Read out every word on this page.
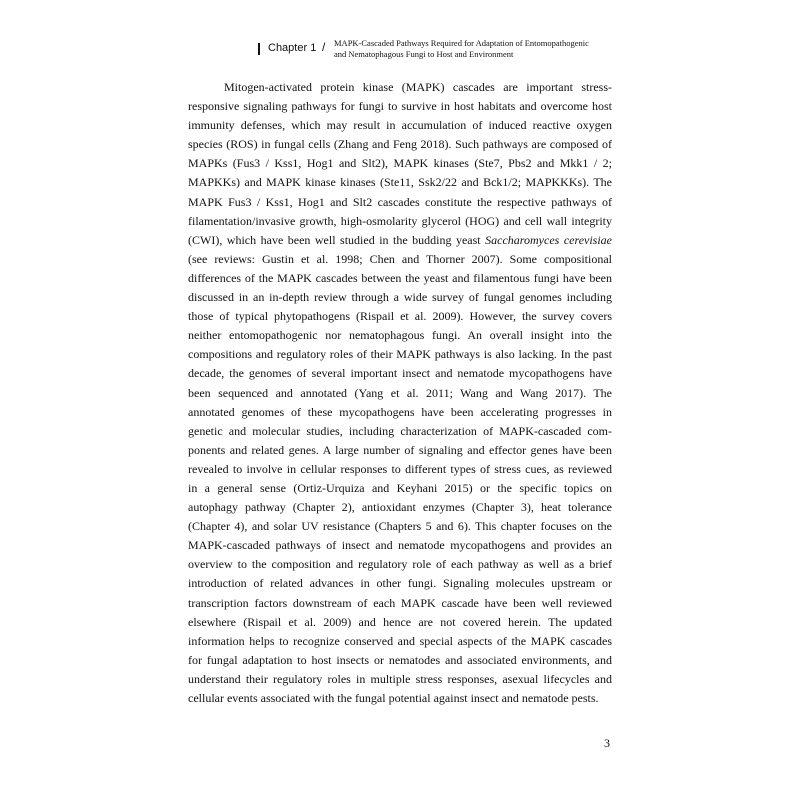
Chapter 1 / MAPK-Cascaded Pathways Required for Adaptation of Entomopathogenic
and Nematophagous Fungi to Host and Environment
Mitogen-activated protein kinase (MAPK) cascades are important stress-
responsive signaling pathways for fungi to survive in host habitats and overcome host
immunity defenses, which may result in accumulation of induced reactive oxygen
species (ROS) in fungal cells (Zhang and Feng 2018). Such pathways are composed of
MAPKs (Fus3 / Kss1, Hog1 and Slt2), MAPK kinases (Ste7, Pbs2 and Mkk1 / 2;
MAPKKs) and MAPK kinase kinases (Ste11, Ssk2/22 and Bck1/2; MAPKKKs). The
MAPK Fus3 / Kss1, Hog1 and Slt2 cascades constitute the respective pathways of
filamentation/invasive growth, high-osmolarity glycerol (HOG) and cell wall integrity
(CWI), which have been well studied in the budding yeast Saccharomyces cerevisiae
(see reviews: Gustin et al. 1998; Chen and Thorner 2007). Some compositional
differences of the MAPK cascades between the yeast and filamentous fungi have been
discussed in an in-depth review through a wide survey of fungal genomes including
those of typical phytopathogens (Rispail et al. 2009). However, the survey covers
neither entomopathogenic nor nematophagous fungi. An overall insight into the
compositions and regulatory roles of their MAPK pathways is also lacking. In the past
decade, the genomes of several important insect and nematode mycopathogens have
been sequenced and annotated (Yang et al. 2011; Wang and Wang 2017). The
annotated genomes of these mycopathogens have been accelerating progresses in
genetic and molecular studies, including characterization of MAPK-cascaded com-
ponents and related genes. A large number of signaling and effector genes have been
revealed to involve in cellular responses to different types of stress cues, as reviewed
in a general sense (Ortiz-Urquiza and Keyhani 2015) or the specific topics on
autophagy pathway (Chapter 2), antioxidant enzymes (Chapter 3), heat tolerance
(Chapter 4), and solar UV resistance (Chapters 5 and 6). This chapter focuses on the
MAPK-cascaded pathways of insect and nematode mycopathogens and provides an
overview to the composition and regulatory role of each pathway as well as a brief
introduction of related advances in other fungi. Signaling molecules upstream or
transcription factors downstream of each MAPK cascade have been well reviewed
elsewhere (Rispail et al. 2009) and hence are not covered herein. The updated
information helps to recognize conserved and special aspects of the MAPK cascades
for fungal adaptation to host insects or nematodes and associated environments, and
understand their regulatory roles in multiple stress responses, asexual lifecycles and
cellular events associated with the fungal potential against insect and nematode pests.
3
